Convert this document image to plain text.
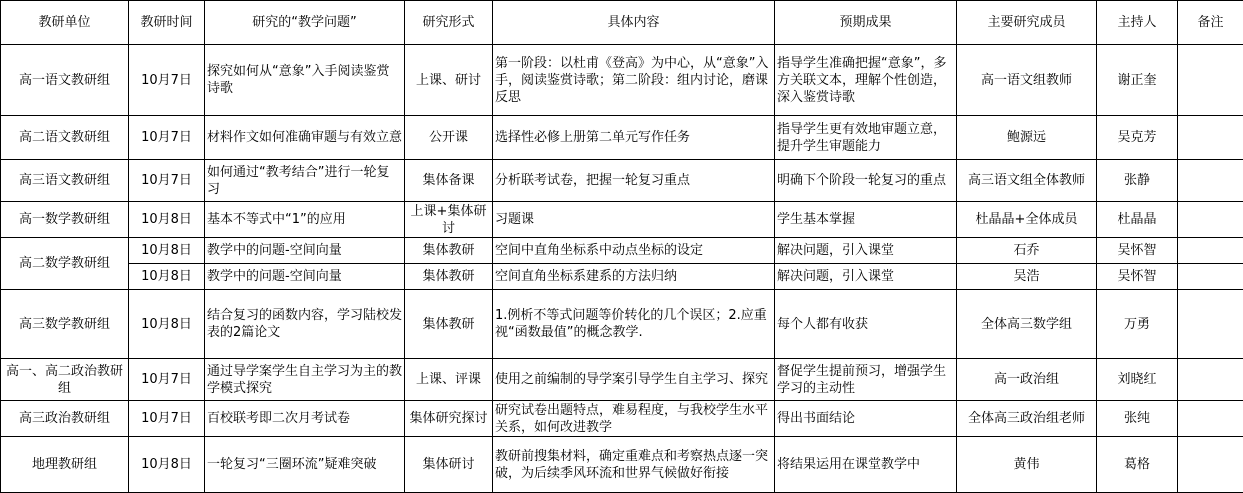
教研单位	教研时间	研究的“教学问题”	研究形式	具体内容	预期成果	主要研究成员	主持人	备注
高一语文教研组	10月7日	探究如何从“意象”入手阅读鉴赏诗歌	上课、研讨	第一阶段：以杜甫《登高》为中心，从“意象”入手，阅读鉴赏诗歌；第二阶段：组内讨论，磨课反思	指导学生准确把握“意象”，多方关联文本，理解个性创造，深入鉴赏诗歌	高一语文组教师	谢正奎	
高二语文教研组	10月7日	材料作文如何准确审题与有效立意	公开课	选择性必修上册第二单元写作任务	指导学生更有效地审题立意，提升学生审题能力	鲍源远	吴克芳	
高三语文教研组	10月7日	如何通过“教考结合”进行一轮复习	集体备课	分析联考试卷，把握一轮复习重点	明确下个阶段一轮复习的重点	高三语文组全体教师	张静	
高一数学教研组	10月8日	基本不等式中“1”的应用	上课+集体研讨	习题课	学生基本掌握	杜晶晶+全体成员	杜晶晶	
高二数学教研组	10月8日	教学中的问题-空间向量	集体教研	空间中直角坐标系中动点坐标的设定	解决问题，引入课堂	石乔	吴怀智	
	10月8日	教学中的问题-空间向量	集体教研	空间直角坐标系建系的方法归纳	解决问题，引入课堂	吴浩	吴怀智	
高三数学教研组	10月8日	结合复习的函数内容，学习陆校发表的2篇论文	集体教研	1.例析不等式问题等价转化的几个误区；2.应重视“函数最值”的概念教学.	每个人都有收获	全体高三数学组	万勇	
高一、高二政治教研组	10月7日	通过导学案学生自主学习为主的教学模式探究	上课、评课	使用之前编制的导学案引导学生自主学习、探究	督促学生提前预习，增强学生学习的主动性	高一政治组	刘晓红	
高三政治教研组	10月7日	百校联考即二次月考试卷	集体研究探讨	研究试卷出题特点，难易程度，与我校学生水平关系，如何改进教学	得出书面结论	全体高三政治组老师	张纯	
地理教研组	10月8日	一轮复习“三圈环流”疑难突破	集体研讨	教研前搜集材料，确定重难点和考察热点逐一突破，为后续季风环流和世界气候做好衔接	将结果运用在课堂教学中	黄伟	葛格	
